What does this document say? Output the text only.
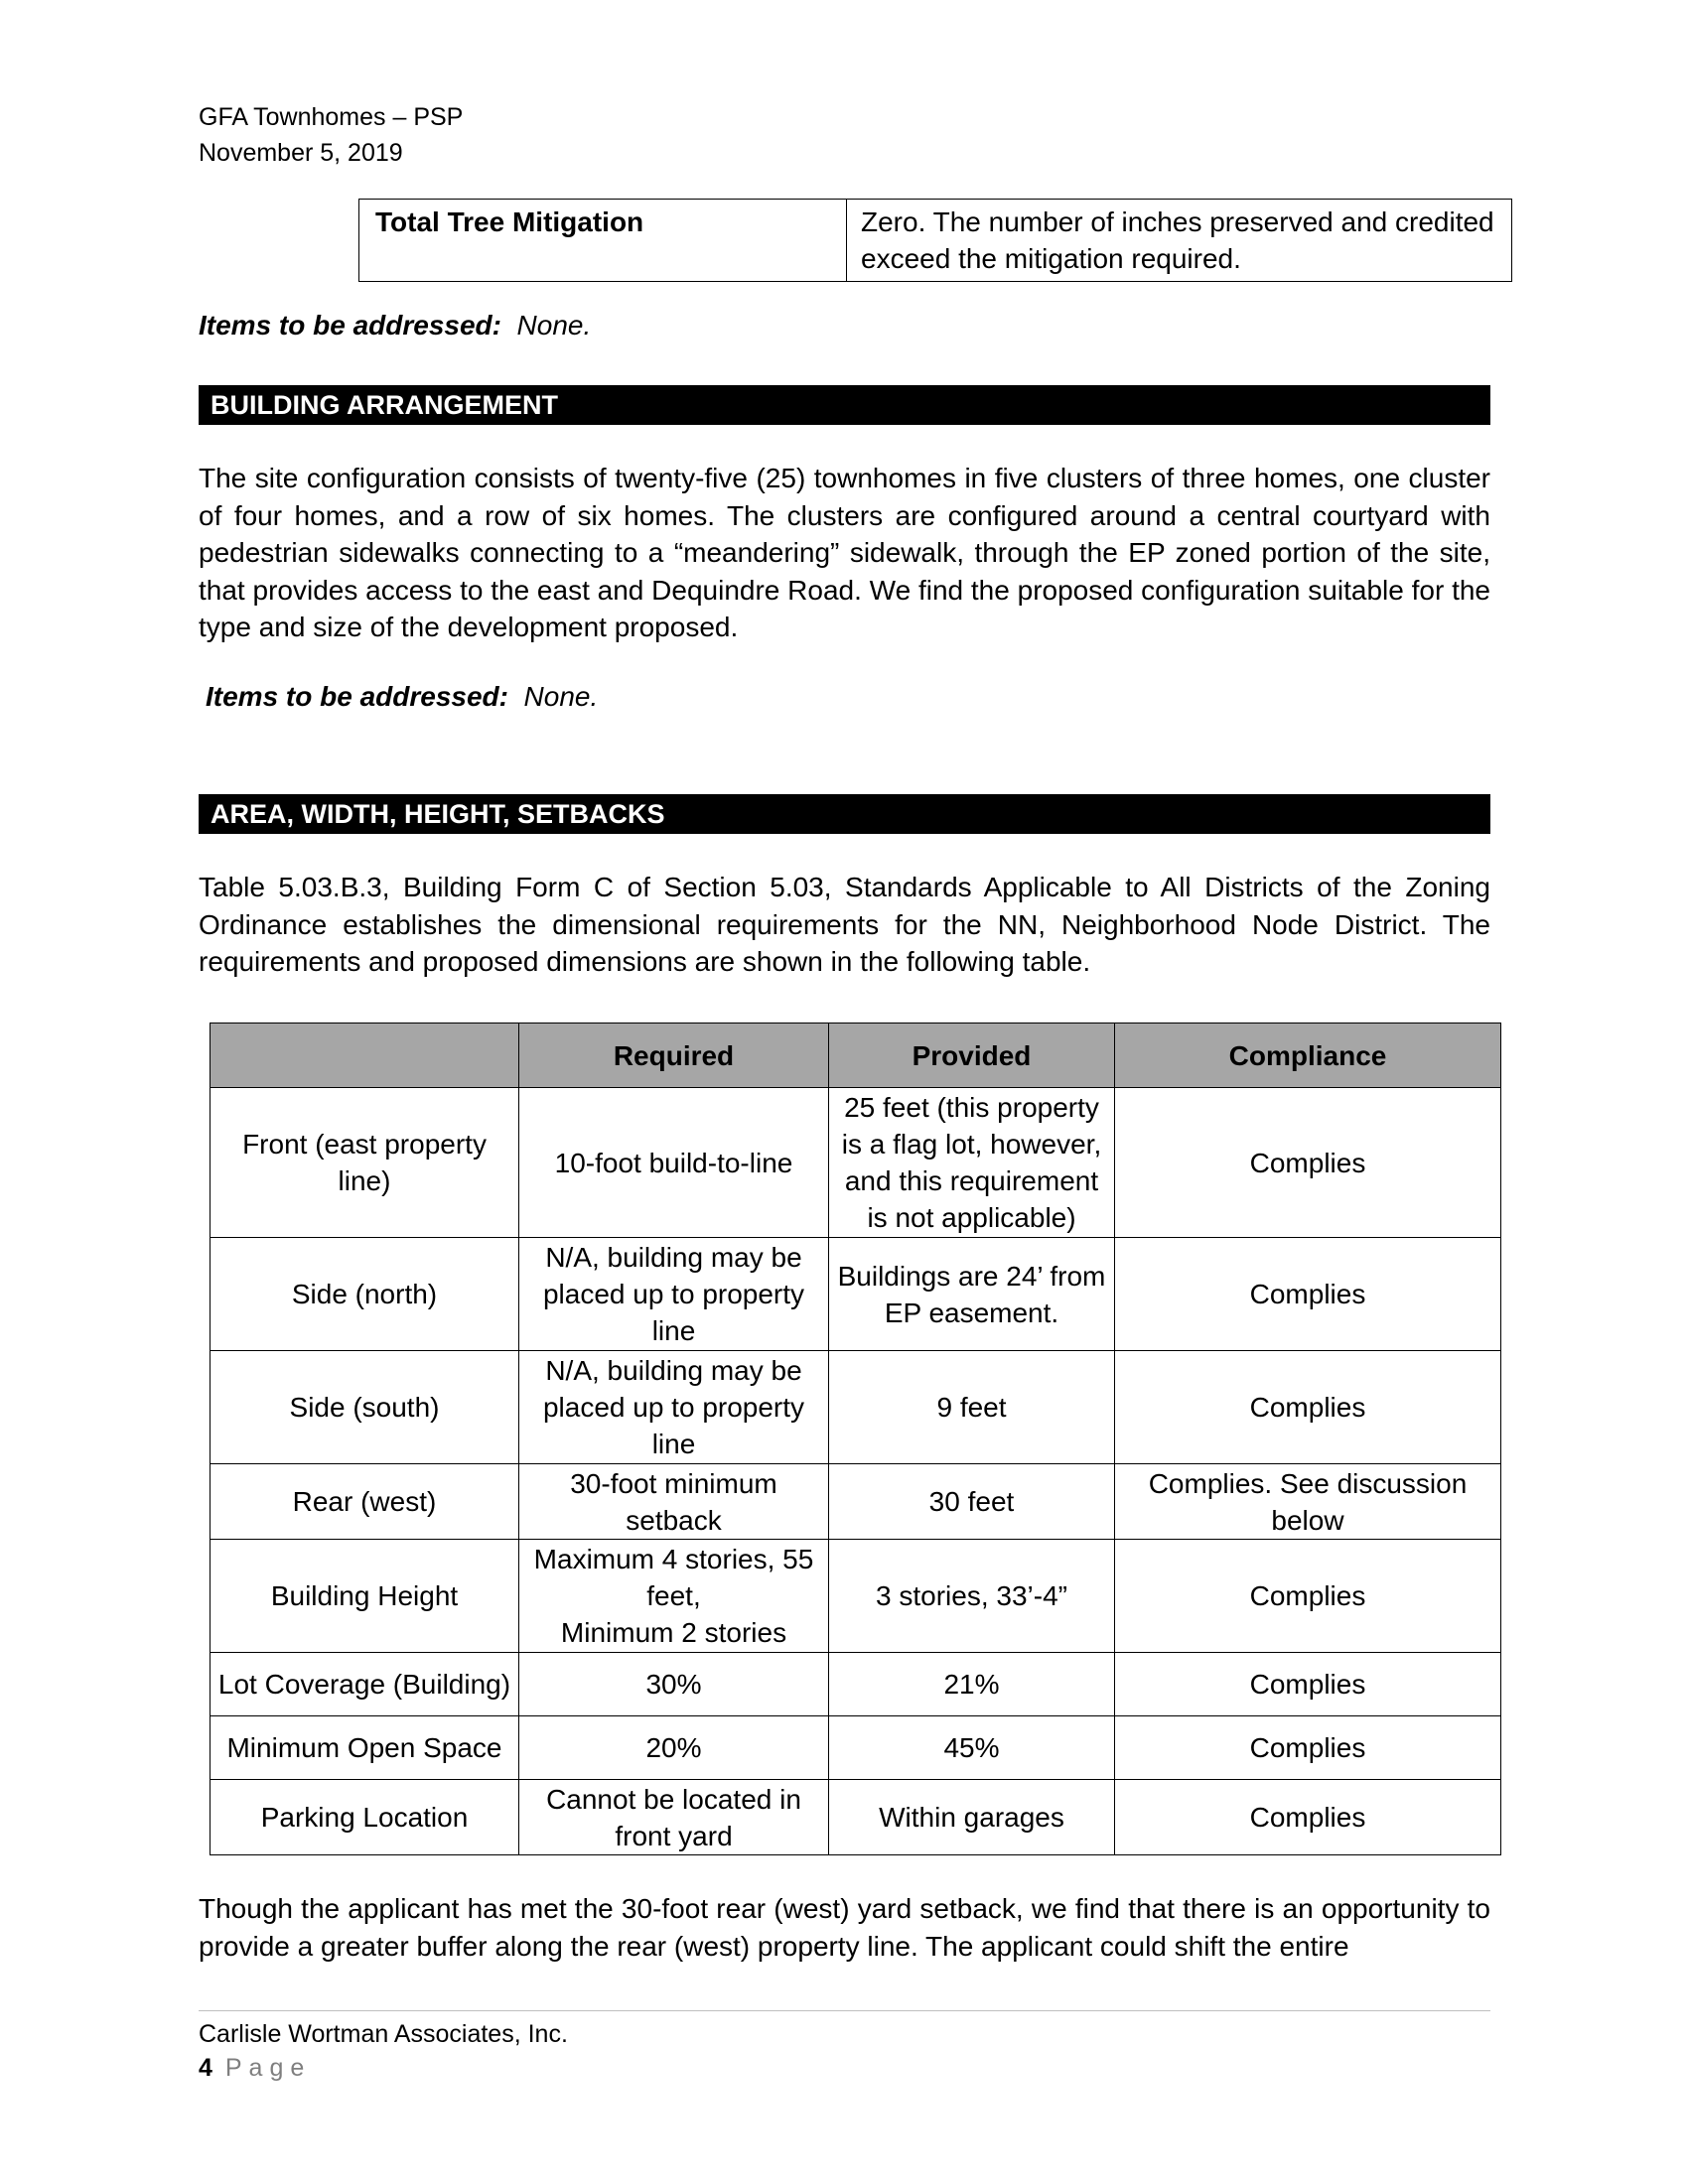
GFA Townhomes – PSP
November 5, 2019
Total Tree Mitigation	Zero. The number of inches preserved and credited exceed the mitigation required.
Items to be addressed: None.
BUILDING ARRANGEMENT

The site configuration consists of twenty-five (25) townhomes in five clusters of three homes, one cluster of four homes, and a row of six homes. The clusters are configured around a central courtyard with pedestrian sidewalks connecting to a “meandering” sidewalk, through the EP zoned portion of the site, that provides access to the east and Dequindre Road. We find the proposed configuration suitable for the type and size of the development proposed.

Items to be addressed: None.
AREA, WIDTH, HEIGHT, SETBACKS

Table 5.03.B.3, Building Form C of Section 5.03, Standards Applicable to All Districts of the Zoning Ordinance establishes the dimensional requirements for the NN, Neighborhood Node District. The requirements and proposed dimensions are shown in the following table.

	Required	Provided	Compliance
Front (east property line)	10-foot build-to-line	25 feet (this property is a flag lot, however, and this requirement is not applicable)	Complies
Side (north)	N/A, building may be placed up to property line	Buildings are 24’ from EP easement.	Complies
Side (south)	N/A, building may be placed up to property line	9 feet	Complies
Rear (west)	30-foot minimum setback	30 feet	Complies. See discussion below
Building Height	Maximum 4 stories, 55 feet,
Minimum 2 stories	3 stories, 33’-4”	Complies
Lot Coverage (Building)	30%	21%	Complies
Minimum Open Space	20%	45%	Complies
Parking Location	Cannot be located in front yard	Within garages	Complies

Though the applicant has met the 30-foot rear (west) yard setback, we find that there is an opportunity to provide a greater buffer along the rear (west) property line. The applicant could shift the entire

Carlisle Wortman Associates, Inc.
4 Page
